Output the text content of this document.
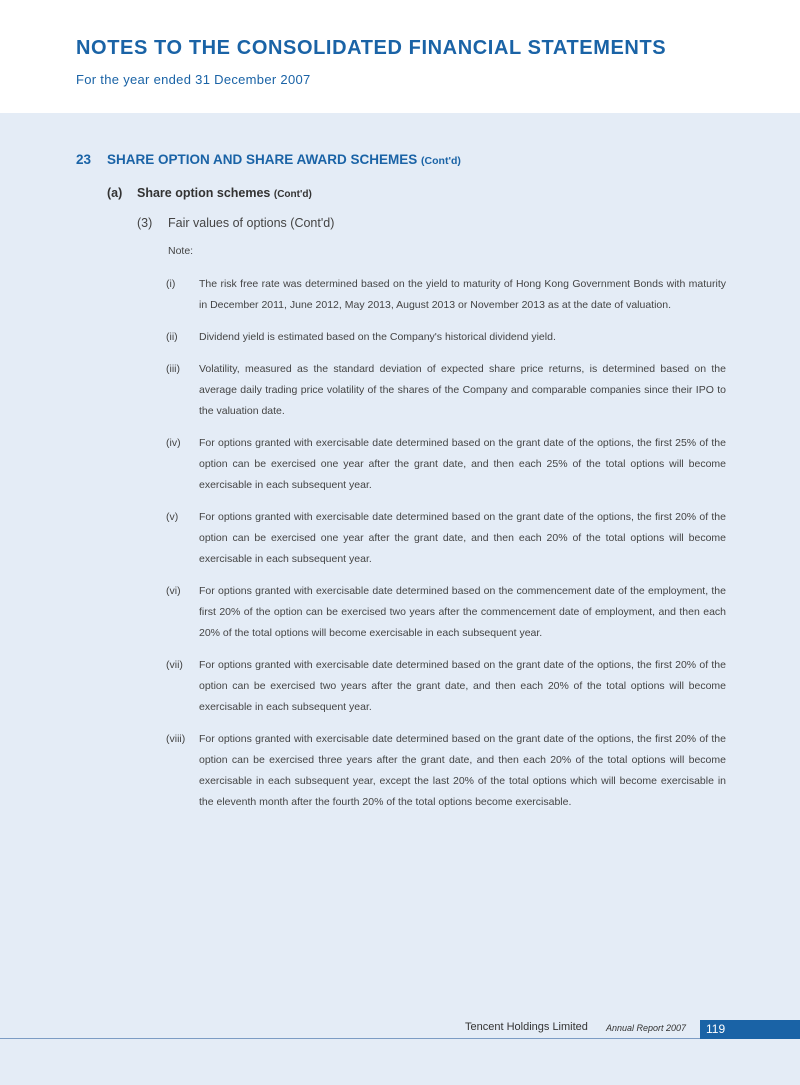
NOTES TO THE CONSOLIDATED FINANCIAL STATEMENTS
For the year ended 31 December 2007
23 SHARE OPTION AND SHARE AWARD SCHEMES (Cont'd)
(a) Share option schemes (Cont'd)
(3) Fair values of options (Cont'd)
Note:
(i) The risk free rate was determined based on the yield to maturity of Hong Kong Government Bonds with maturity in December 2011, June 2012, May 2013, August 2013 or November 2013 as at the date of valuation.
(ii) Dividend yield is estimated based on the Company's historical dividend yield.
(iii) Volatility, measured as the standard deviation of expected share price returns, is determined based on the average daily trading price volatility of the shares of the Company and comparable companies since their IPO to the valuation date.
(iv) For options granted with exercisable date determined based on the grant date of the options, the first 25% of the option can be exercised one year after the grant date, and then each 25% of the total options will become exercisable in each subsequent year.
(v) For options granted with exercisable date determined based on the grant date of the options, the first 20% of the option can be exercised one year after the grant date, and then each 20% of the total options will become exercisable in each subsequent year.
(vi) For options granted with exercisable date determined based on the commencement date of the employment, the first 20% of the option can be exercised two years after the commencement date of employment, and then each 20% of the total options will become exercisable in each subsequent year.
(vii) For options granted with exercisable date determined based on the grant date of the options, the first 20% of the option can be exercised two years after the grant date, and then each 20% of the total options will become exercisable in each subsequent year.
(viii) For options granted with exercisable date determined based on the grant date of the options, the first 20% of the option can be exercised three years after the grant date, and then each 20% of the total options will become exercisable in each subsequent year, except the last 20% of the total options which will become exercisable in the eleventh month after the fourth 20% of the total options become exercisable.
Tencent Holdings Limited Annual Report 2007 119
